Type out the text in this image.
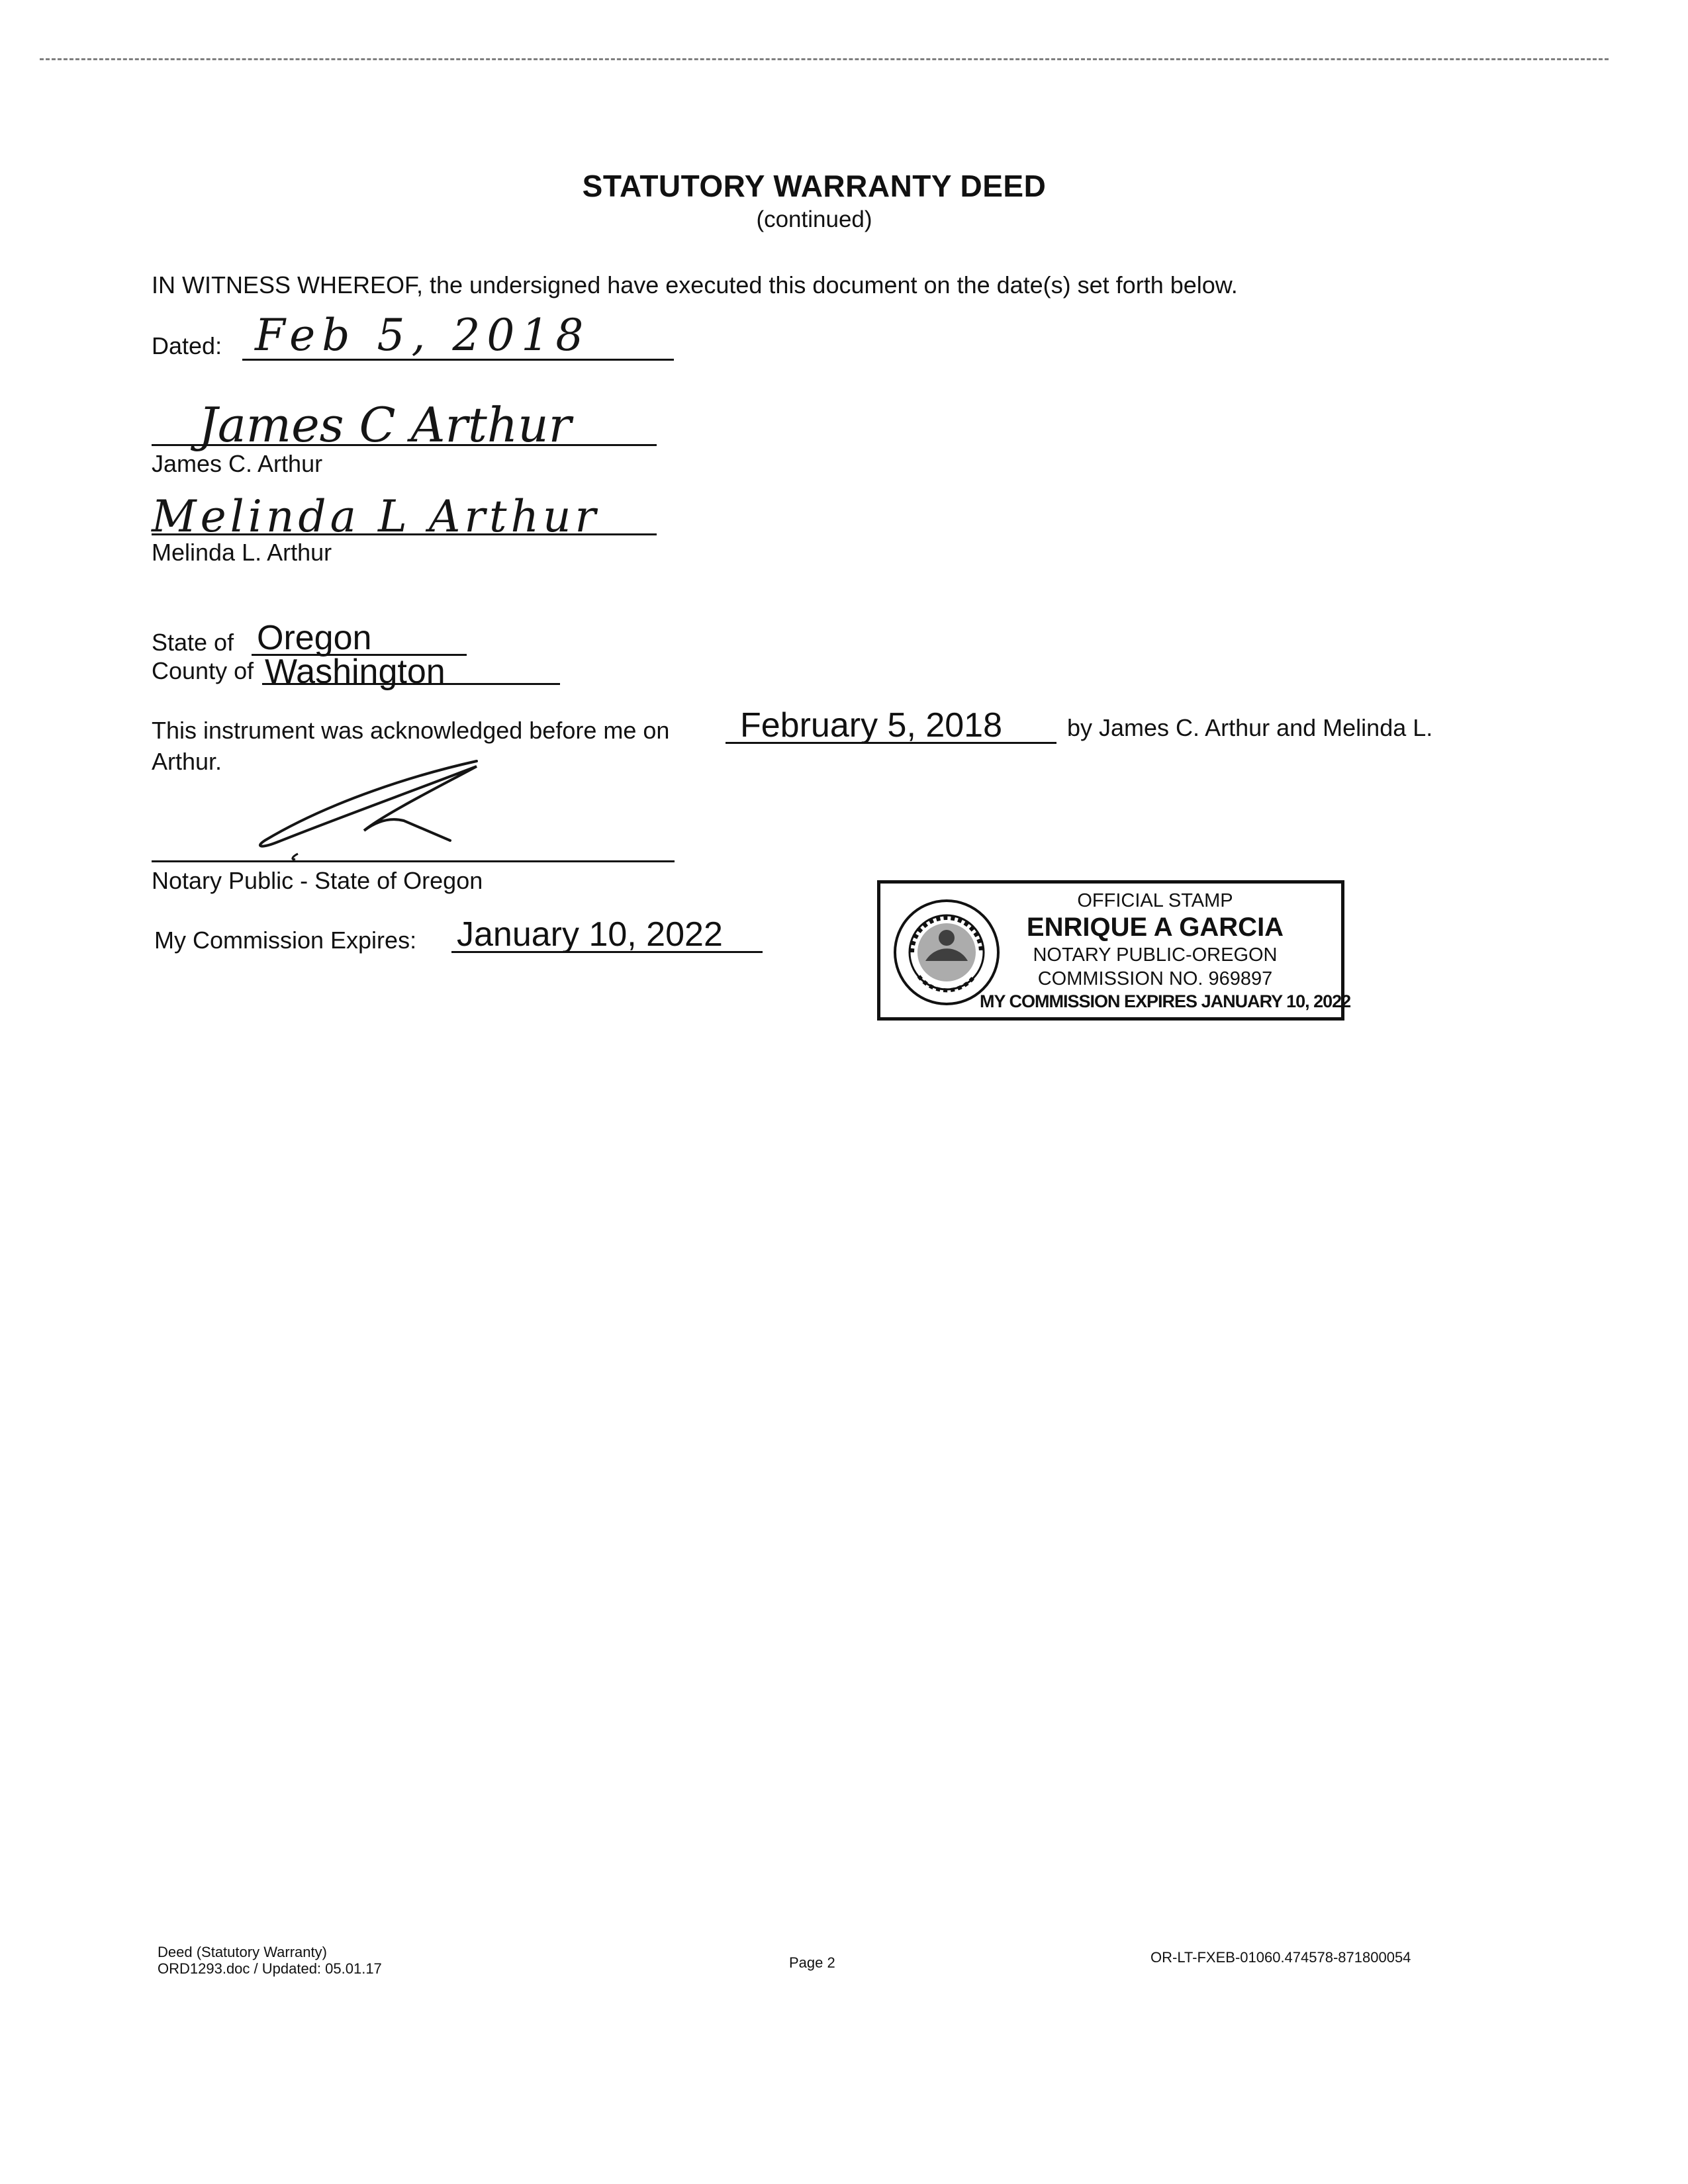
STATUTORY WARRANTY DEED
(continued)
IN WITNESS WHEREOF, the undersigned have executed this document on the date(s) set forth below.
Dated: Feb 5, 2018
James C Arthur
James C. Arthur
Melinda L Arthur
Melinda L. Arthur
State of Oregon
County of Washington
This instrument was acknowledged before me on February 5, 2018	by James C. Arthur and Melinda L.
Arthur.
Notary Public - State of Oregon
My Commission Expires: January 10, 2022
OFFICIAL STAMP
ENRIQUE A GARCIA
NOTARY PUBLIC-OREGON
COMMISSION NO. 969897
MY COMMISSION EXPIRES JANUARY 10, 2022
Deed (Statutory Warranty)
ORD1293.doc / Updated: 05.01.17	Page 2	OR-LT-FXEB-01060.474578-871800054
